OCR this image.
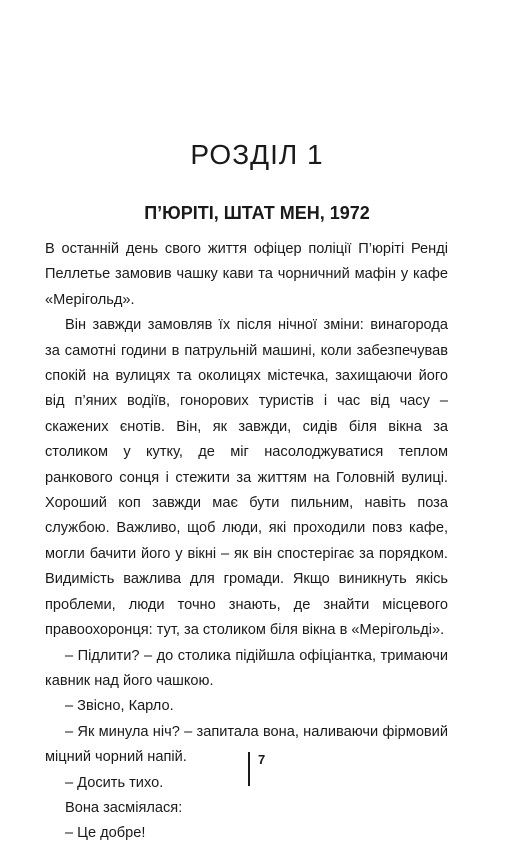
РОЗДІЛ 1
П’ЮРІТІ, ШТАТ МЕН, 1972

В останній день свого життя офіцер поліції П’юріті Ренді Пеллетье замовив чашку кави та чорничний мафін у кафе «Мерігольд».

Він завжди замовляв їх після нічної зміни: винагорода за самотні години в патрульній машині, коли забезпечував спокій на вулицях та околицях містечка, захищаючи його від п’яних водіїв, гонорових туристів і час від часу – скажених єнотів. Він, як завжди, сидів біля вікна за столиком у кутку, де міг насолоджуватися теплом ранкового сонця і стежити за життям на Головній вулиці. Хороший коп завжди має бути пильним, навіть поза службою. Важливо, щоб люди, які проходили повз кафе, могли бачити його у вікні – як він спостерігає за порядком. Видимість важлива для громади. Якщо виникнуть якісь проблеми, люди точно знають, де знайти місцевого правоохоронця: тут, за столиком біля вікна в «Мерігольді».

– Підлити? – до столика підійшла офіціантка, тримаючи кавник над його чашкою.

– Звісно, Карло.

– Як минула ніч? – запитала вона, наливаючи фірмовий міцний чорний напій.

– Досить тихо.

Вона засміялася:

– Це добре!

7
